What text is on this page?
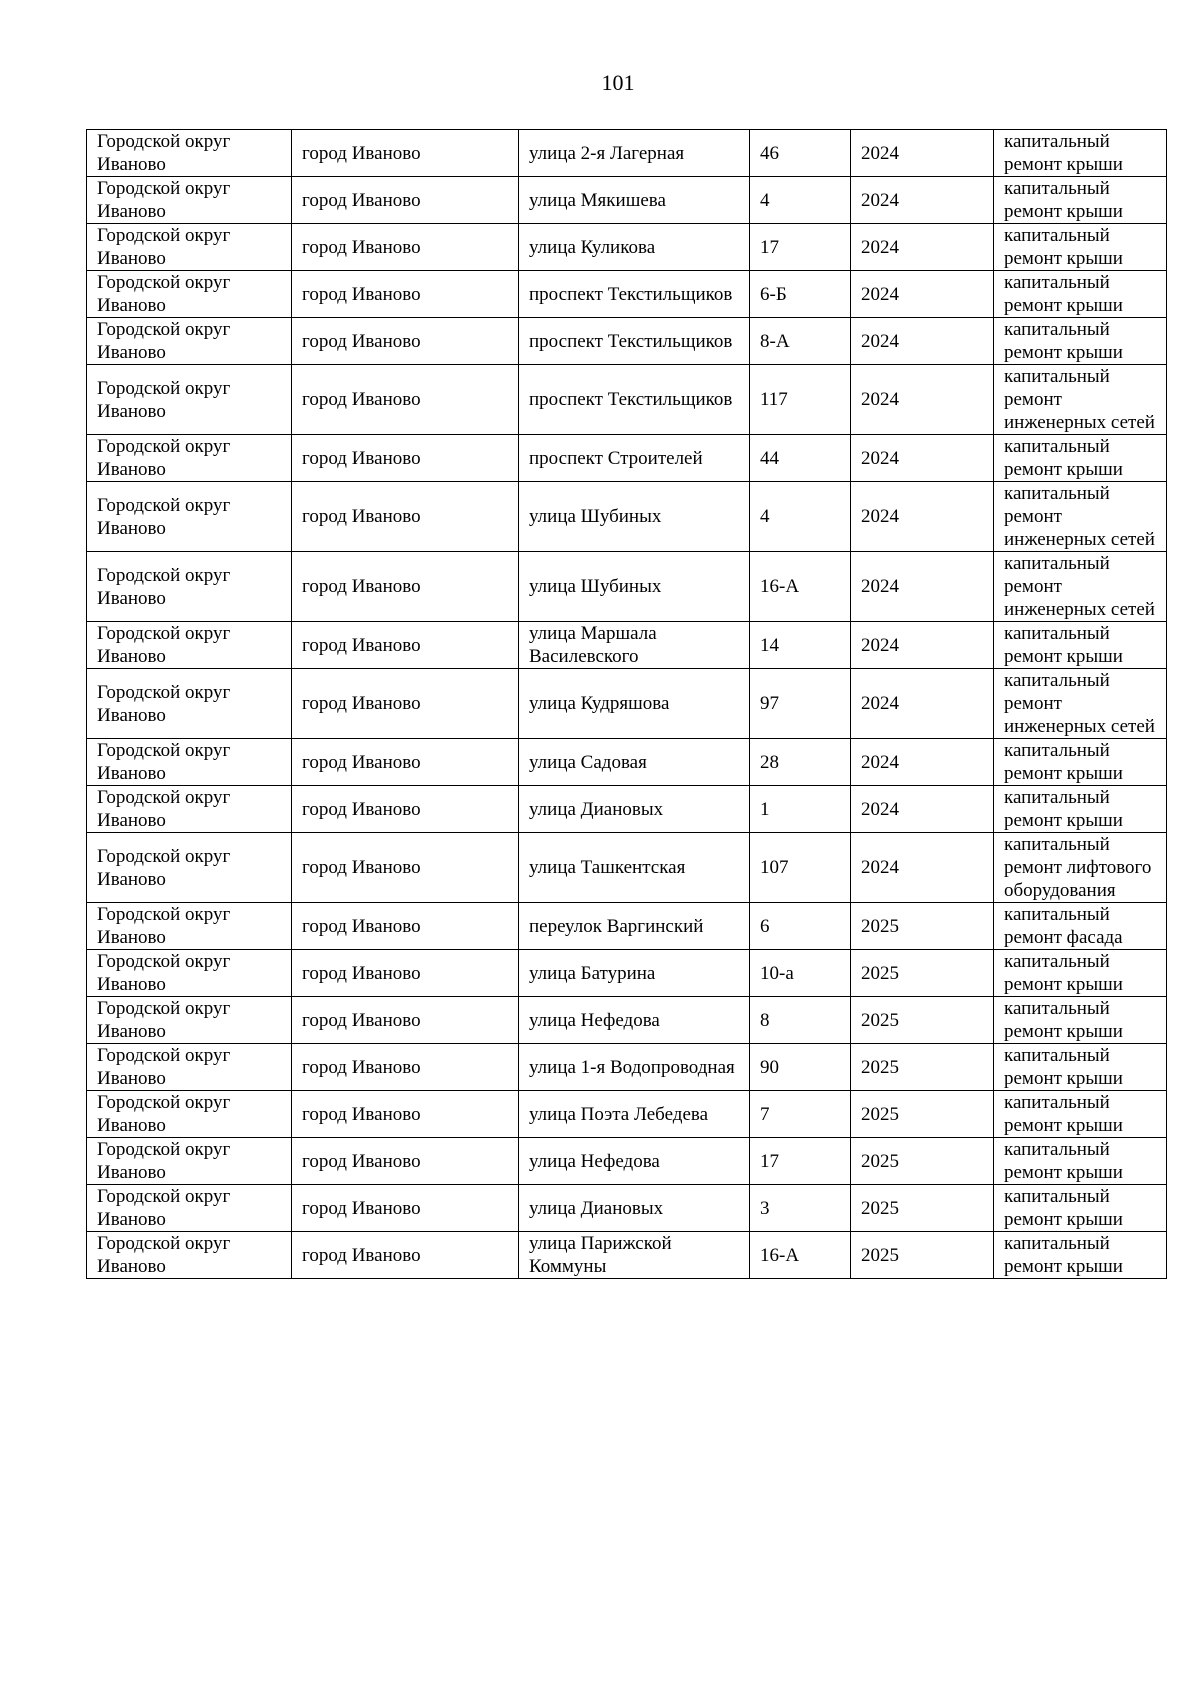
101
Городской округ Иваново	город Иваново	улица 2-я Лагерная	46	2024	капитальный ремонт крыши
Городской округ Иваново	город Иваново	улица Мякишева	4	2024	капитальный ремонт крыши
Городской округ Иваново	город Иваново	улица Куликова	17	2024	капитальный ремонт крыши
Городской округ Иваново	город Иваново	проспект Текстильщиков	6-Б	2024	капитальный ремонт крыши
Городской округ Иваново	город Иваново	проспект Текстильщиков	8-А	2024	капитальный ремонт крыши
Городской округ Иваново	город Иваново	проспект Текстильщиков	117	2024	капитальный ремонт инженерных сетей
Городской округ Иваново	город Иваново	проспект Строителей	44	2024	капитальный ремонт крыши
Городской округ Иваново	город Иваново	улица Шубиных	4	2024	капитальный ремонт инженерных сетей
Городской округ Иваново	город Иваново	улица Шубиных	16-А	2024	капитальный ремонт инженерных сетей
Городской округ Иваново	город Иваново	улица Маршала Василевского	14	2024	капитальный ремонт крыши
Городской округ Иваново	город Иваново	улица Кудряшова	97	2024	капитальный ремонт инженерных сетей
Городской округ Иваново	город Иваново	улица Садовая	28	2024	капитальный ремонт крыши
Городской округ Иваново	город Иваново	улица Диановых	1	2024	капитальный ремонт крыши
Городской округ Иваново	город Иваново	улица Ташкентская	107	2024	капитальный ремонт лифтового оборудования
Городской округ Иваново	город Иваново	переулок Варгинский	6	2025	капитальный ремонт фасада
Городской округ Иваново	город Иваново	улица Батурина	10-а	2025	капитальный ремонт крыши
Городской округ Иваново	город Иваново	улица Нефедова	8	2025	капитальный ремонт крыши
Городской округ Иваново	город Иваново	улица 1-я Водопроводная	90	2025	капитальный ремонт крыши
Городской округ Иваново	город Иваново	улица Поэта Лебедева	7	2025	капитальный ремонт крыши
Городской округ Иваново	город Иваново	улица Нефедова	17	2025	капитальный ремонт крыши
Городской округ Иваново	город Иваново	улица Диановых	3	2025	капитальный ремонт крыши
Городской округ Иваново	город Иваново	улица Парижской Коммуны	16-А	2025	капитальный ремонт крыши
